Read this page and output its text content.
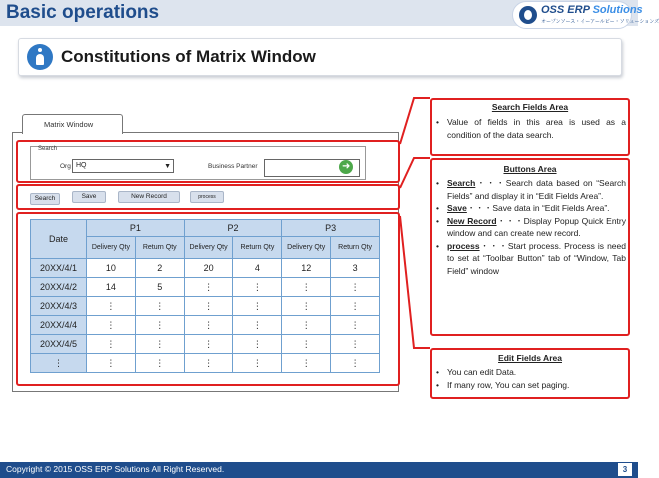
Basic operations	OSS ERP Solutions
オープンソース・イーアールピー・ソリューションズ
Constitutions of Matrix Window
Matrix Window
Search
Org HQ	▼	Business Partner	➜
Search	Save	New Record	process
Date	P1		P2		P3	
	Delivery Qty	Return Qty	Delivery Qty	Return Qty	Delivery Qty	Return Qty
20XX/4/1	10	2	20	4	12	3
20XX/4/2	14	5	⋮	⋮	⋮	⋮
20XX/4/3	⋮	⋮	⋮	⋮	⋮	⋮
20XX/4/4	⋮	⋮	⋮	⋮	⋮	⋮
20XX/4/5	⋮	⋮	⋮	⋮	⋮	⋮
⋮	⋮	⋮	⋮	⋮	⋮	⋮
Search Fields Area
• Value of fields in this area is used as a condition of the data search.
Buttons Area
• Search・・・Search data based on “Search Fields” and display it in “Edit Fields Area”.
• Save・・・Save data in “Edit Fields Area”.
• New Record・・・Display Popup Quick Entry window and can create new record.
• process・・・Start process. Process is need to set at “Toolbar Button” tab of “Window, Tab Field” window
Edit Fields Area
• You can edit Data.
• If many row, You can set paging.
Copyright © 2015 OSS ERP Solutions All Right Reserved.	3
